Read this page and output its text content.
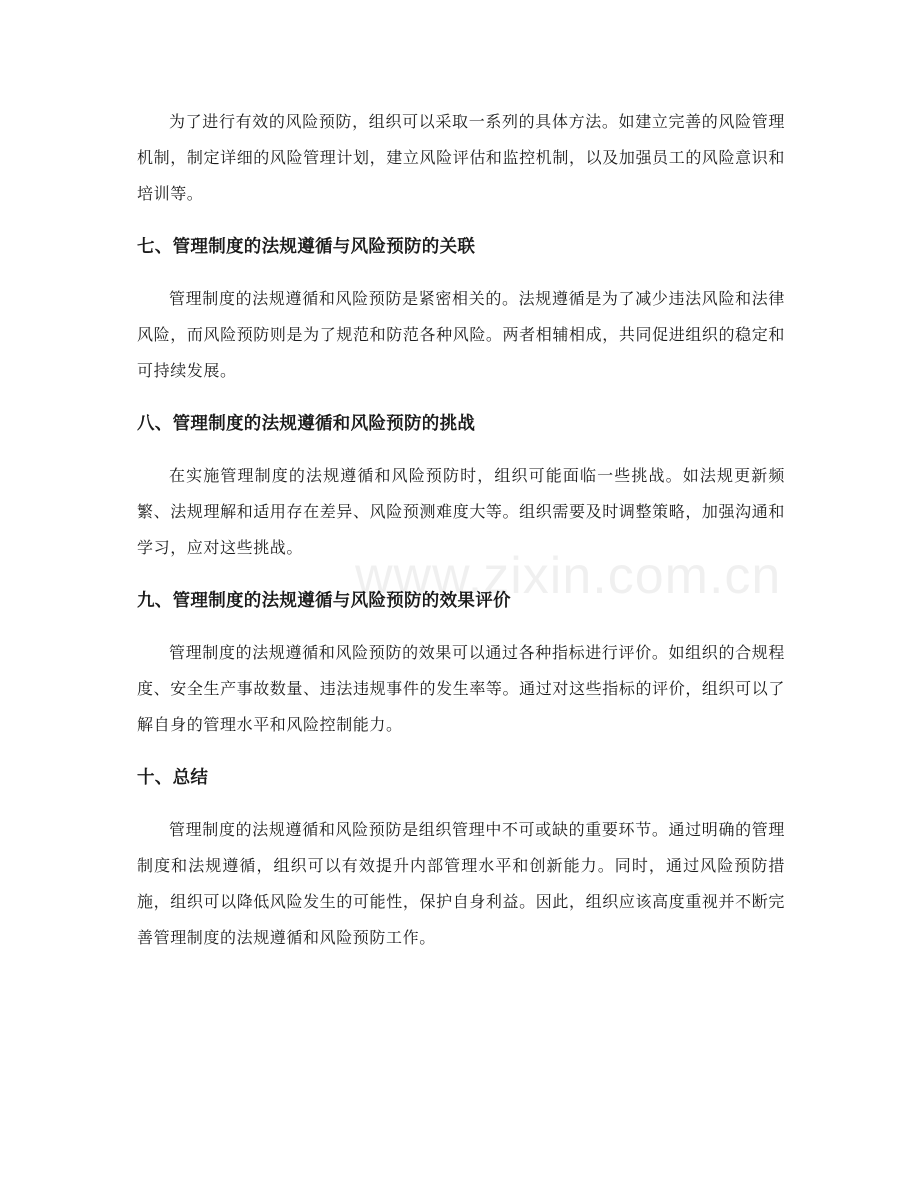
www.zixin.com.cn

为了进行有效的风险预防，组织可以采取一系列的具体方法。如建立完善的风险管理机制，制定详细的风险管理计划，建立风险评估和监控机制，以及加强员工的风险意识和培训等。

七、管理制度的法规遵循与风险预防的关联

管理制度的法规遵循和风险预防是紧密相关的。法规遵循是为了减少违法风险和法律风险，而风险预防则是为了规范和防范各种风险。两者相辅相成，共同促进组织的稳定和可持续发展。

八、管理制度的法规遵循和风险预防的挑战

在实施管理制度的法规遵循和风险预防时，组织可能面临一些挑战。如法规更新频繁、法规理解和适用存在差异、风险预测难度大等。组织需要及时调整策略，加强沟通和学习，应对这些挑战。

九、管理制度的法规遵循与风险预防的效果评价

管理制度的法规遵循和风险预防的效果可以通过各种指标进行评价。如组织的合规程度、安全生产事故数量、违法违规事件的发生率等。通过对这些指标的评价，组织可以了解自身的管理水平和风险控制能力。

十、总结

管理制度的法规遵循和风险预防是组织管理中不可或缺的重要环节。通过明确的管理制度和法规遵循，组织可以有效提升内部管理水平和创新能力。同时，通过风险预防措施，组织可以降低风险发生的可能性，保护自身利益。因此，组织应该高度重视并不断完善管理制度的法规遵循和风险预防工作。
